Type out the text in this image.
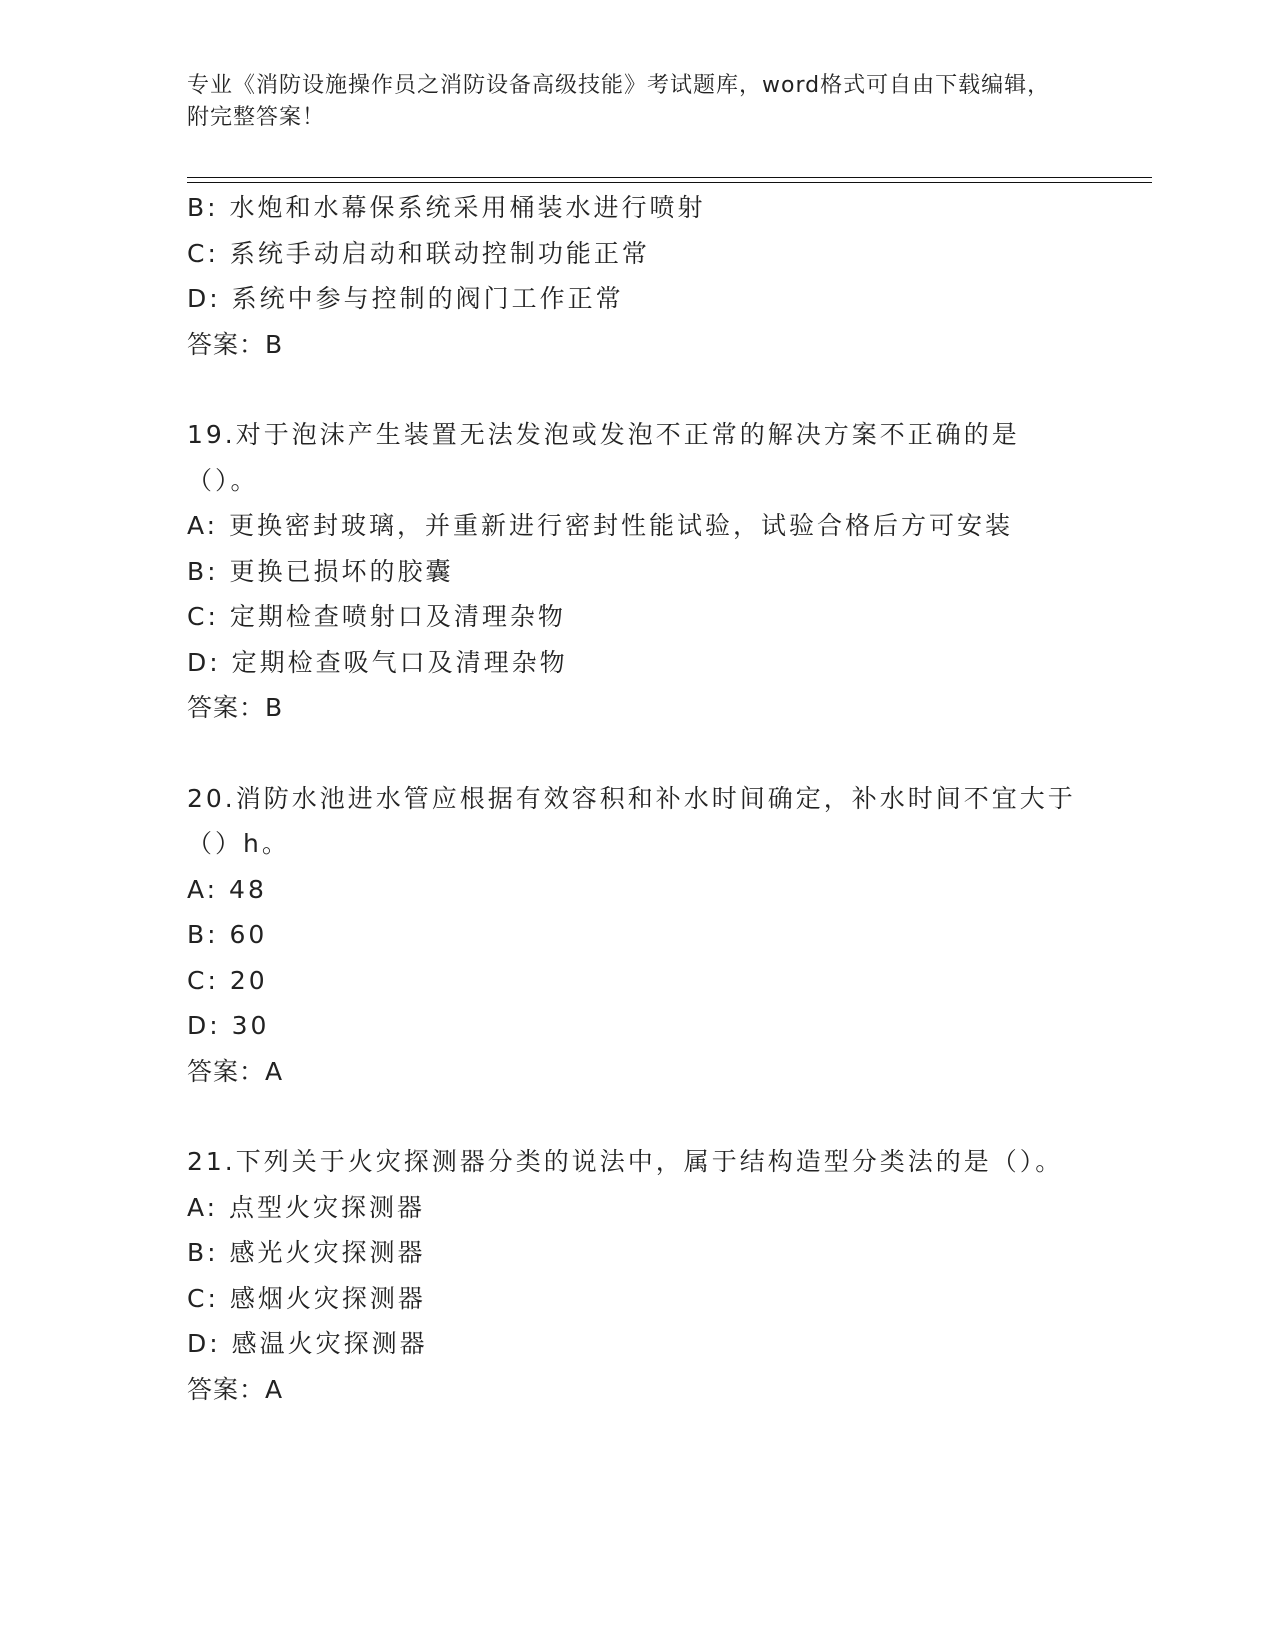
专业《消防设施操作员之消防设备高级技能》考试题库，word格式可自由下载编辑，附完整答案！
B: 水炮和水幕保系统采用桶装水进行喷射
C: 系统手动启动和联动控制功能正常
D: 系统中参与控制的阀门工作正常
答案：B
19.对于泡沫产生装置无法发泡或发泡不正常的解决方案不正确的是（）。
A: 更换密封玻璃，并重新进行密封性能试验，试验合格后方可安装
B: 更换已损坏的胶囊
C: 定期检查喷射口及清理杂物
D: 定期检查吸气口及清理杂物
答案：B
20.消防水池进水管应根据有效容积和补水时间确定，补水时间不宜大于（）h。
A: 48
B: 60
C: 20
D: 30
答案：A
21.下列关于火灾探测器分类的说法中，属于结构造型分类法的是（）。
A: 点型火灾探测器
B: 感光火灾探测器
C: 感烟火灾探测器
D: 感温火灾探测器
答案：A
